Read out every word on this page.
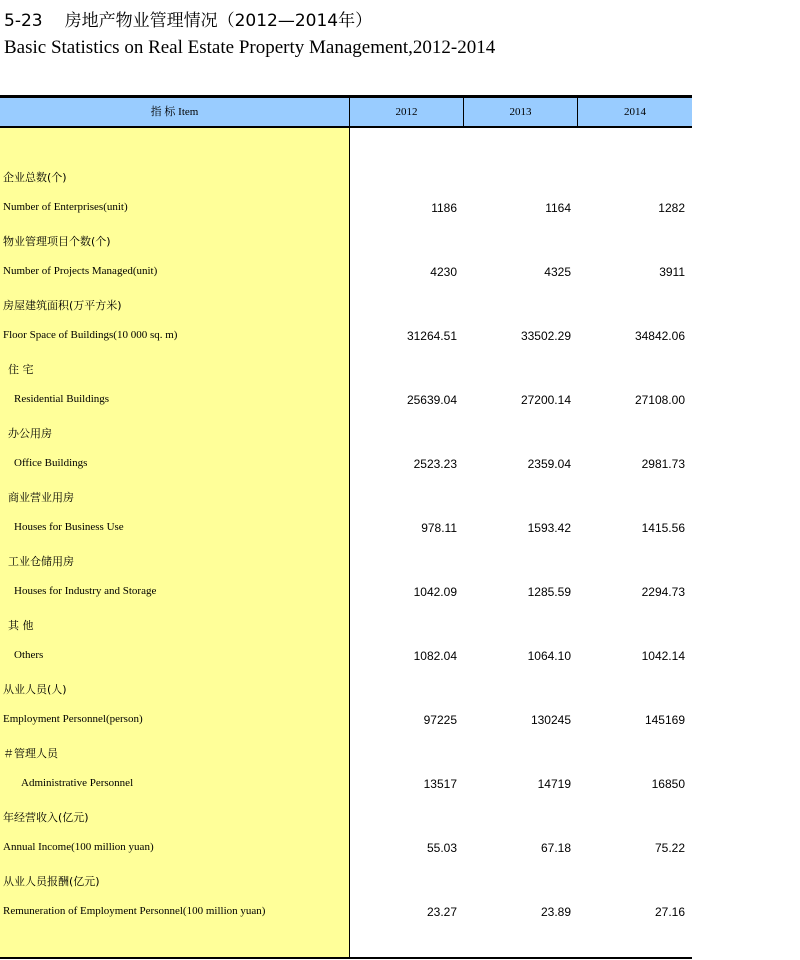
5-23 房地产物业管理情况（2012—2014年）
Basic Statistics on Real Estate Property Management,2012-2014
指 标 Item	2012	2013	2014
企业总数(个)
Number of Enterprises(unit)	1186	1164	1282
物业管理项目个数(个)
Number of Projects Managed(unit)	4230	4325	3911
房屋建筑面积(万平方米)
Floor Space of Buildings(10 000 sq. m)	31264.51	33502.29	34842.06
住 宅
Residential Buildings	25639.04	27200.14	27108.00
办公用房
Office Buildings	2523.23	2359.04	2981.73
商业营业用房
Houses for Business Use	978.11	1593.42	1415.56
工业仓储用房
Houses for Industry and Storage	1042.09	1285.59	2294.73
其 他
Others	1082.04	1064.10	1042.14
从业人员(人)
Employment Personnel(person)	97225	130245	145169
＃管理人员
Administrative Personnel	13517	14719	16850
年经营收入(亿元)
Annual Income(100 million yuan)	55.03	67.18	75.22
从业人员报酬(亿元)
Remuneration of Employment Personnel(100 million yuan)	23.27	23.89	27.16
